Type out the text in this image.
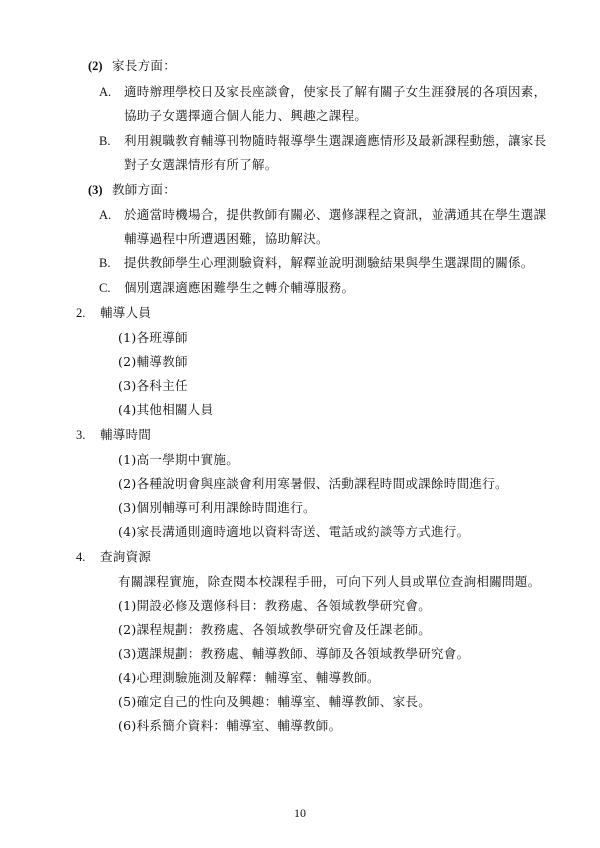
(2) 家長方面：
A. 適時辦理學校日及家長座談會，使家長了解有關子女生涯發展的各項因素，
協助子女選擇適合個人能力、興趣之課程。
B. 利用親職教育輔導刊物隨時報導學生選課適應情形及最新課程動態，讓家長
對子女選課情形有所了解。
(3) 教師方面：
A. 於適當時機場合，提供教師有關必、選修課程之資訊，並溝通其在學生選課
輔導過程中所遭遇困難，協助解決。
B. 提供教師學生心理測驗資料，解釋並說明測驗結果與學生選課間的關係。
C. 個別選課適應困難學生之轉介輔導服務。
2. 輔導人員
(1)各班導師
(2)輔導教師
(3)各科主任
(4)其他相關人員
3. 輔導時間
(1)高一學期中實施。
(2)各種說明會與座談會利用寒暑假、活動課程時間或課餘時間進行。
(3)個別輔導可利用課餘時間進行。
(4)家長溝通則適時適地以資料寄送、電話或約談等方式進行。
4. 查詢資源
有關課程實施，除查閱本校課程手冊，可向下列人員或單位查詢相關問題。
(1)開設必修及選修科目：教務處、各領域教學研究會。
(2)課程規劃：教務處、各領域教學研究會及任課老師。
(3)選課規劃：教務處、輔導教師、導師及各領域教學研究會。
(4)心理測驗施測及解釋：輔導室、輔導教師。
(5)確定自己的性向及興趣：輔導室、輔導教師、家長。
(6)科系簡介資料：輔導室、輔導教師。
10
